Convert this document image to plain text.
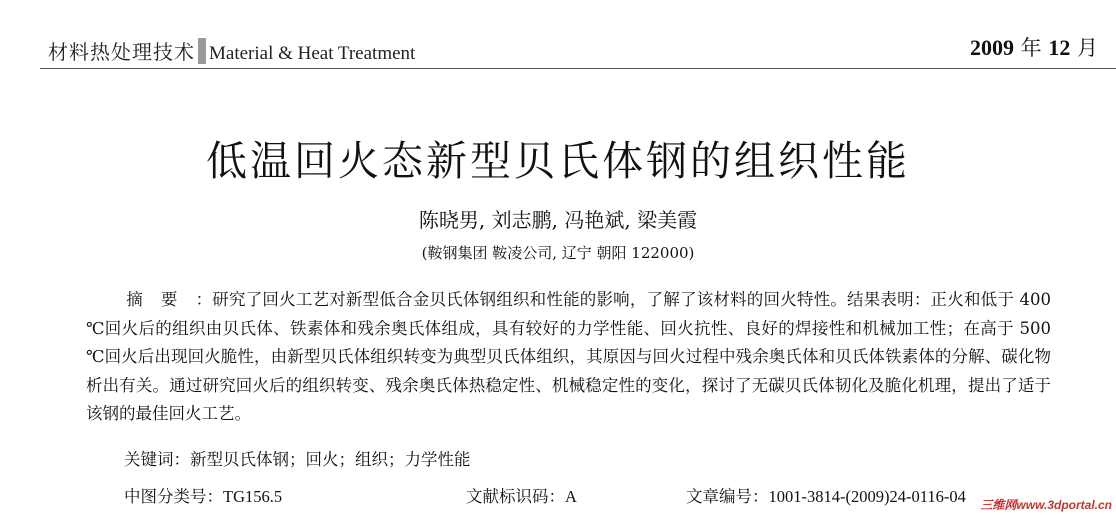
材料热处理技术 Material & Heat Treatment	2009 年 12 月
低温回火态新型贝氏体钢的组织性能
陈晓男, 刘志鹏, 冯艳斌, 梁美霞
(鞍钢集团 鞍凌公司, 辽宁 朝阳 122000)
摘要：研究了回火工艺对新型低合金贝氏体钢组织和性能的影响，了解了该材料的回火特性。结果表明：正火和低于 400 ℃回火后的组织由贝氏体、铁素体和残余奥氏体组成，具有较好的力学性能、回火抗性、良好的焊接性和机械加工性；在高于 500 ℃回火后出现回火脆性，由新型贝氏体组织转变为典型贝氏体组织，其原因与回火过程中残余奥氏体和贝氏体铁素体的分解、碳化物析出有关。通过研究回火后的组织转变、残余奥氏体热稳定性、机械稳定性的变化，探讨了无碳贝氏体韧化及脆化机理，提出了适于该钢的最佳回火工艺。
关键词：新型贝氏体钢；回火；组织；力学性能
中图分类号：TG156.5	文献标识码：A	文章编号：1001-3814-(2009)24-0116-04 三维网www.3dportal.cn
